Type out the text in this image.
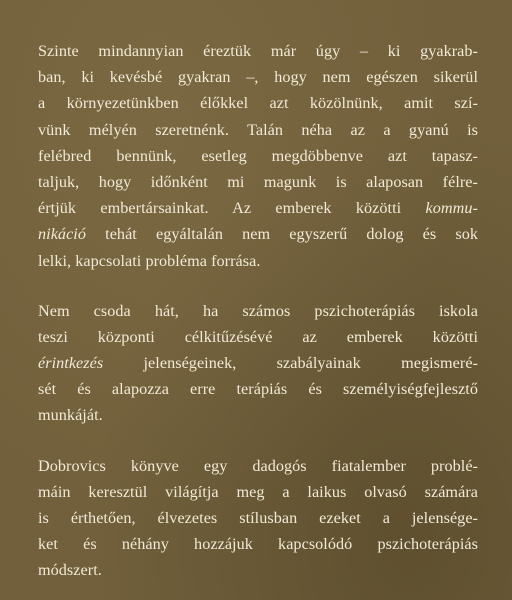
Szinte mindannyian éreztük már úgy – ki gyakrab-
ban, ki kevésbé gyakran –, hogy nem egészen sikerül
a környezetünkben élőkkel azt közölnünk, amit szí-
vünk mélyén szeretnénk. Talán néha az a gyanú is
felébred bennünk, esetleg megdöbbenve azt tapasz-
taljuk, hogy időnként mi magunk is alaposan félre-
értjük embertársainkat. Az emberek közötti kommu-
nikáció tehát egyáltalán nem egyszerű dolog és sok
lelki, kapcsolati probléma forrása.
Nem csoda hát, ha számos pszichoterápiás iskola
teszi központi célkitűzésévé az emberek közötti
érintkezés jelenségeinek, szabályainak megismeré-
sét és alapozza erre terápiás és személyiségfejlesztő
munkáját.
Dobrovics könyve egy dadogós fiatalember problé-
máin keresztül világítja meg a laikus olvasó számára
is érthetően, élvezetes stílusban ezeket a jelensége-
ket és néhány hozzájuk kapcsolódó pszichoterápiás
módszert.
